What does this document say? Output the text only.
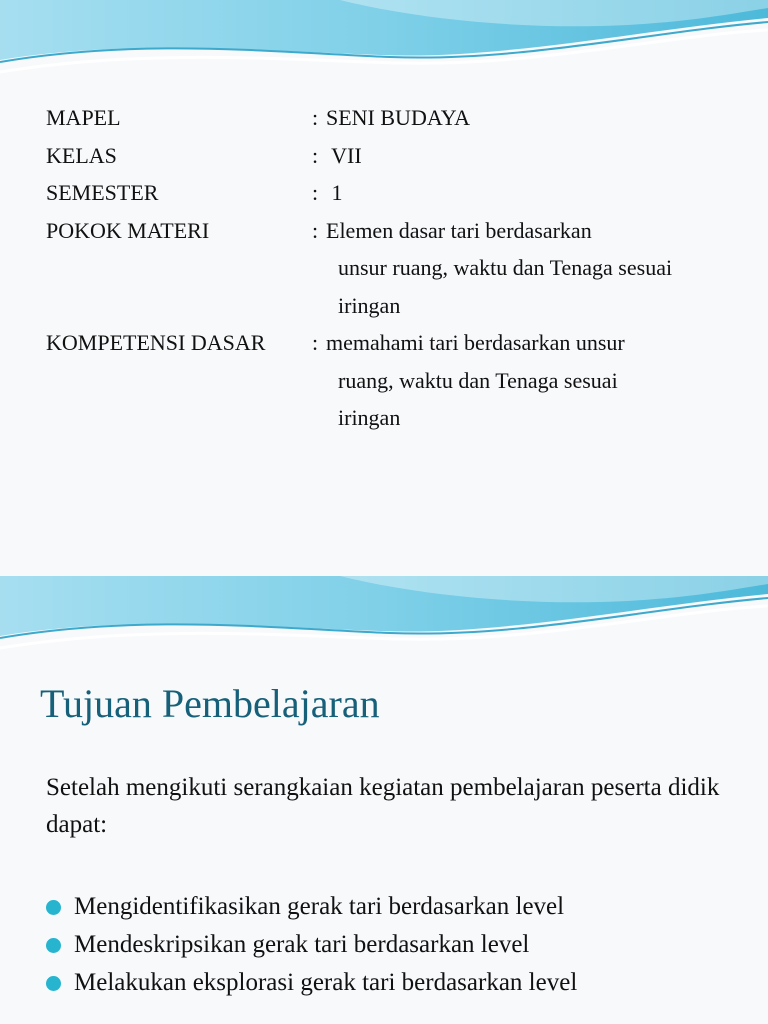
MAPEL	: SENI BUDAYA
KELAS	: VII
SEMESTER	: 1
POKOK MATERI	: Elemen dasar tari berdasarkan
unsur ruang, waktu dan Tenaga sesuai
iringan
KOMPETENSI DASAR	: memahami tari berdasarkan unsur
ruang, waktu dan Tenaga sesuai
iringan
Tujuan Pembelajaran
Setelah mengikuti serangkaian kegiatan pembelajaran peserta didik dapat:
Mengidentifikasikan gerak tari berdasarkan level
Mendeskripsikan gerak tari berdasarkan level
Melakukan eksplorasi gerak tari berdasarkan level
